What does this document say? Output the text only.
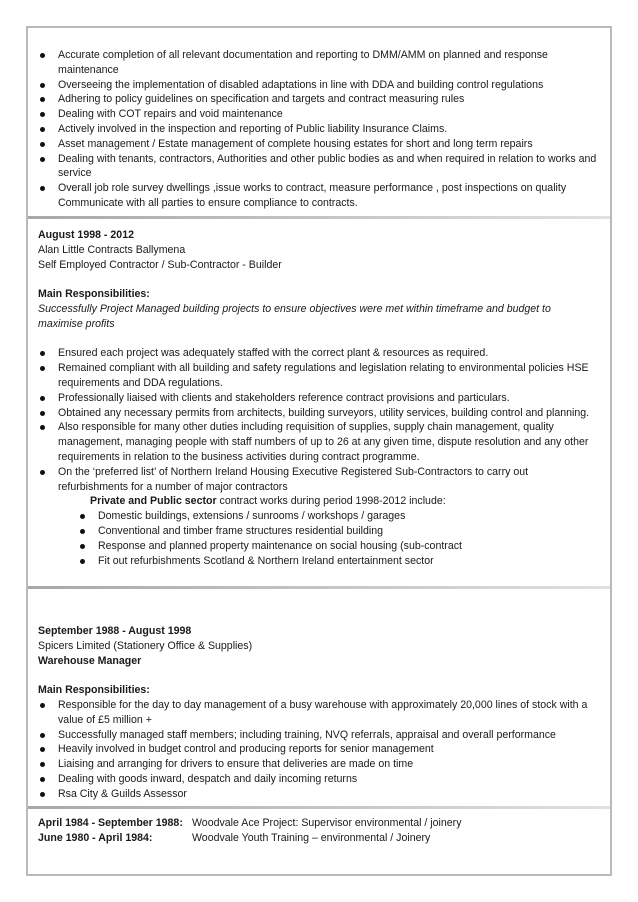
Accurate completion of all relevant documentation and reporting to DMM/AMM on planned and response maintenance
Overseeing the implementation of disabled adaptations in line with DDA and building control regulations
Adhering to policy guidelines on specification and targets and contract measuring rules
Dealing with COT repairs and void maintenance
Actively involved in the inspection and reporting of Public liability Insurance Claims.
Asset management / Estate management of complete housing estates for short and long term repairs
Dealing with tenants, contractors, Authorities and other public bodies as and when required in relation to works and service
Overall job role survey dwellings ,issue works to contract, measure performance , post inspections on quality Communicate with all parties to ensure compliance to contracts.
August 1998 - 2012
Alan Little Contracts Ballymena
Self Employed Contractor / Sub-Contractor - Builder
Main Responsibilities:
Successfully Project Managed building projects to ensure objectives were met within timeframe and budget to maximise profits
Ensured each project was adequately staffed with the correct plant & resources as required.
Remained compliant with all building and safety regulations and legislation relating to environmental policies HSE requirements and DDA regulations.
Professionally liaised with clients and stakeholders reference contract provisions and particulars.
Obtained any necessary permits from architects, building surveyors, utility services, building control and planning.
Also responsible for many other duties including requisition of supplies, supply chain management, quality management, managing people with staff numbers of up to 26 at any given time, dispute resolution and any other requirements in relation to the business activities during contract programme.
On the ‘preferred list’ of Northern Ireland Housing Executive Registered Sub-Contractors to carry out refurbishments for a number of major contractors
Private and Public sector contract works during period 1998-2012 include:
Domestic buildings, extensions / sunrooms / workshops / garages
Conventional and timber frame structures residential building
Response and planned property maintenance on social housing (sub-contract
Fit out refurbishments Scotland & Northern Ireland entertainment sector
September 1988 - August 1998
Spicers Limited (Stationery Office & Supplies)
Warehouse Manager
Main Responsibilities:
Responsible for the day to day management of a busy warehouse with approximately 20,000 lines of stock with a value of £5 million +
Successfully managed staff members; including training, NVQ referrals, appraisal and overall performance
Heavily involved in budget control and producing reports for senior management
Liaising and arranging for drivers to ensure that deliveries are made on time
Dealing with goods inward, despatch and daily incoming returns
Rsa City & Guilds Assessor
April 1984 - September 1988: Woodvale Ace Project: Supervisor environmental / joinery
June 1980 - April 1984:	Woodvale Youth Training – environmental / Joinery
